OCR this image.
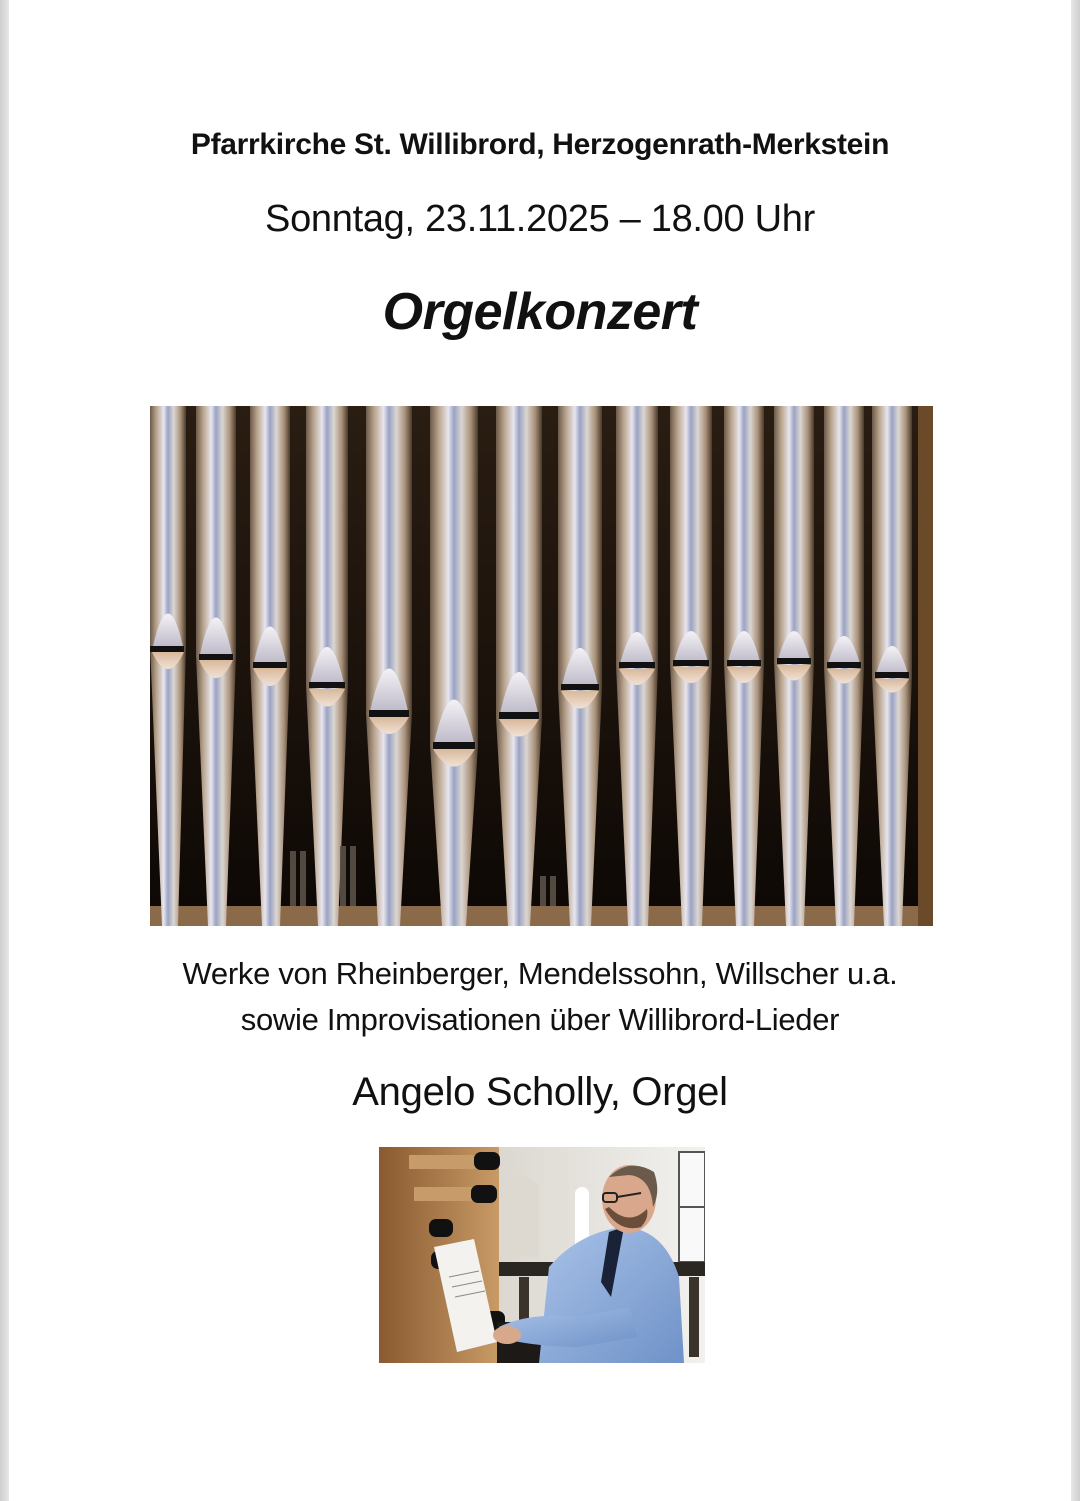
Pfarrkirche St. Willibrord, Herzogenrath-Merkstein
Sonntag, 23.11.2025 – 18.00 Uhr
Orgelkonzert
Werke von Rheinberger, Mendelssohn, Willscher u.a.
sowie Improvisationen über Willibrord-Lieder
Angelo Scholly, Orgel
